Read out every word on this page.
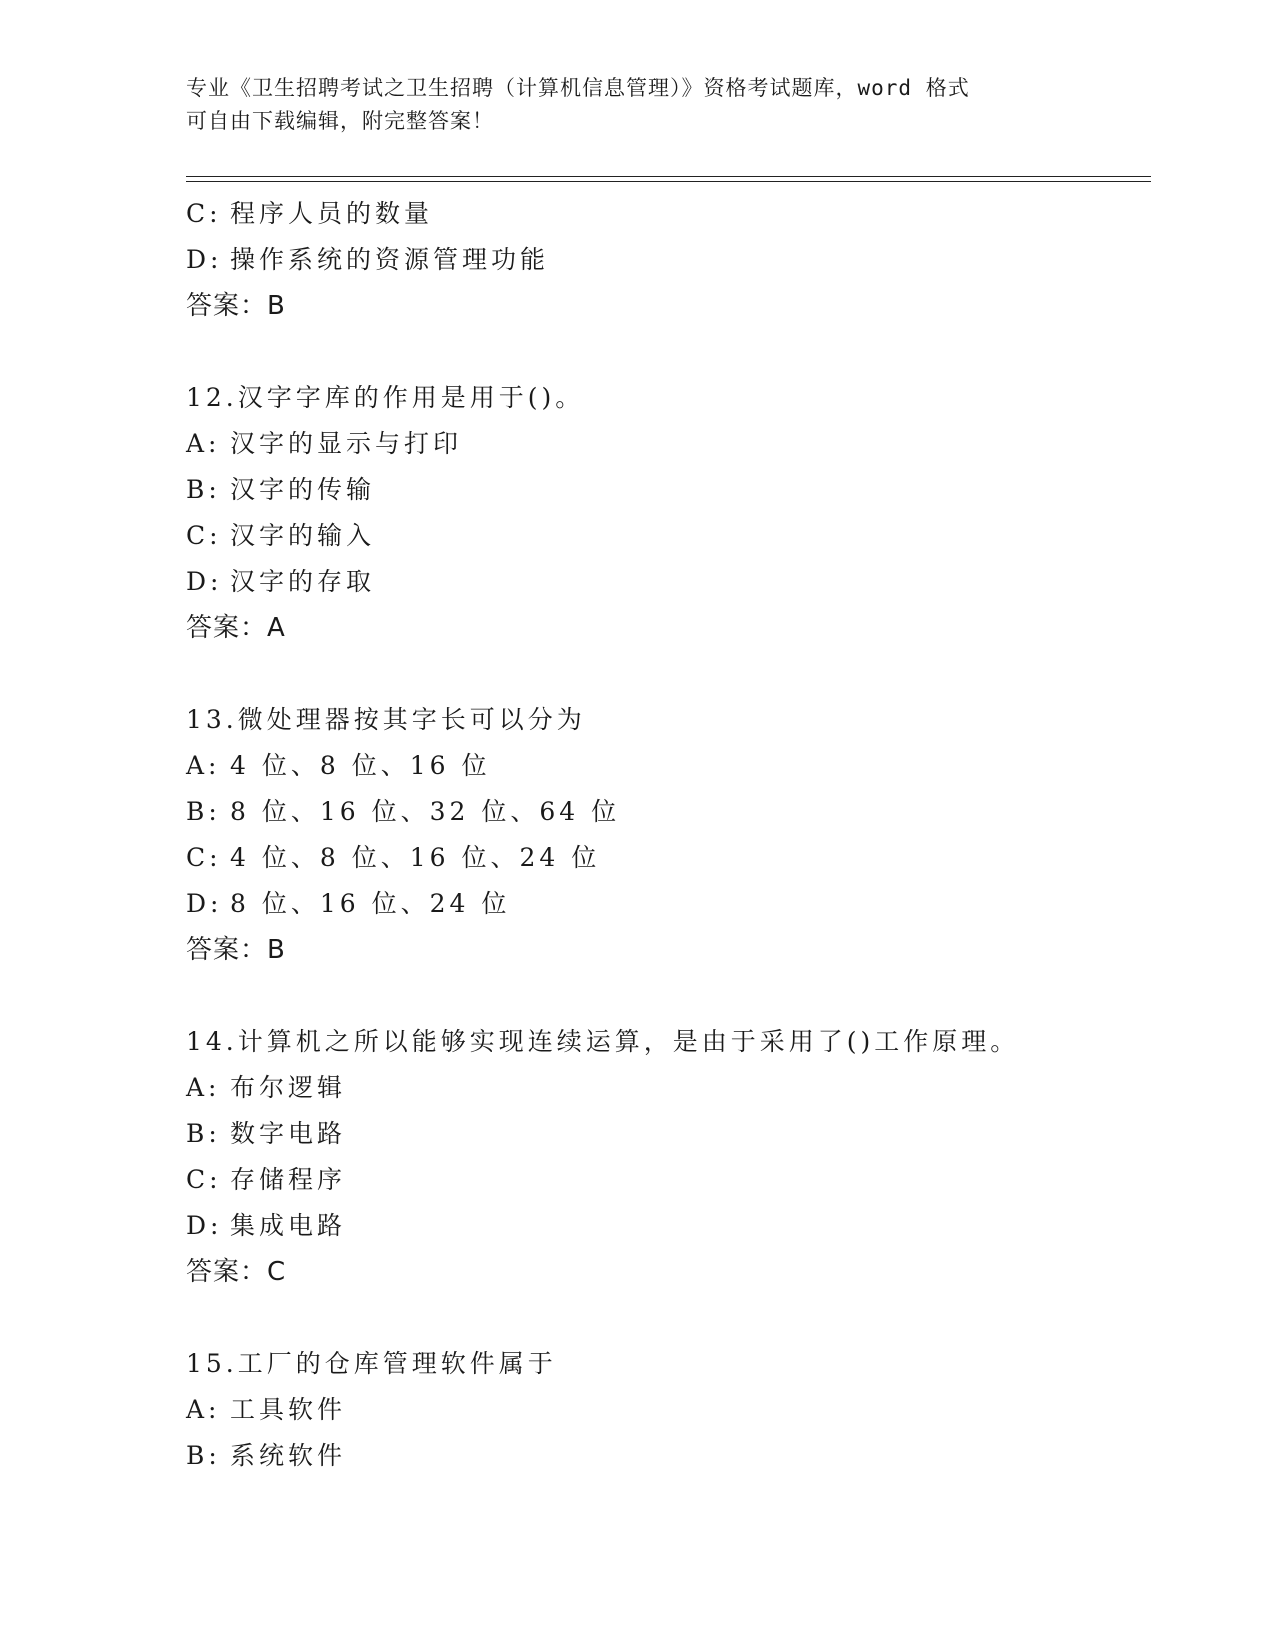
专业《卫生招聘考试之卫生招聘（计算机信息管理）》资格考试题库，word 格式
可自由下载编辑，附完整答案！
C: 程序人员的数量
D: 操作系统的资源管理功能
答案：B
12.汉字字库的作用是用于()。
A: 汉字的显示与打印
B: 汉字的传输
C: 汉字的输入
D: 汉字的存取
答案：A
13.微处理器按其字长可以分为
A: 4 位、8 位、16 位
B: 8 位、16 位、32 位、64 位
C: 4 位、8 位、16 位、24 位
D: 8 位、16 位、24 位
答案：B
14.计算机之所以能够实现连续运算，是由于采用了()工作原理。
A: 布尔逻辑
B: 数字电路
C: 存储程序
D: 集成电路
答案：C
15.工厂的仓库管理软件属于
A: 工具软件
B: 系统软件
